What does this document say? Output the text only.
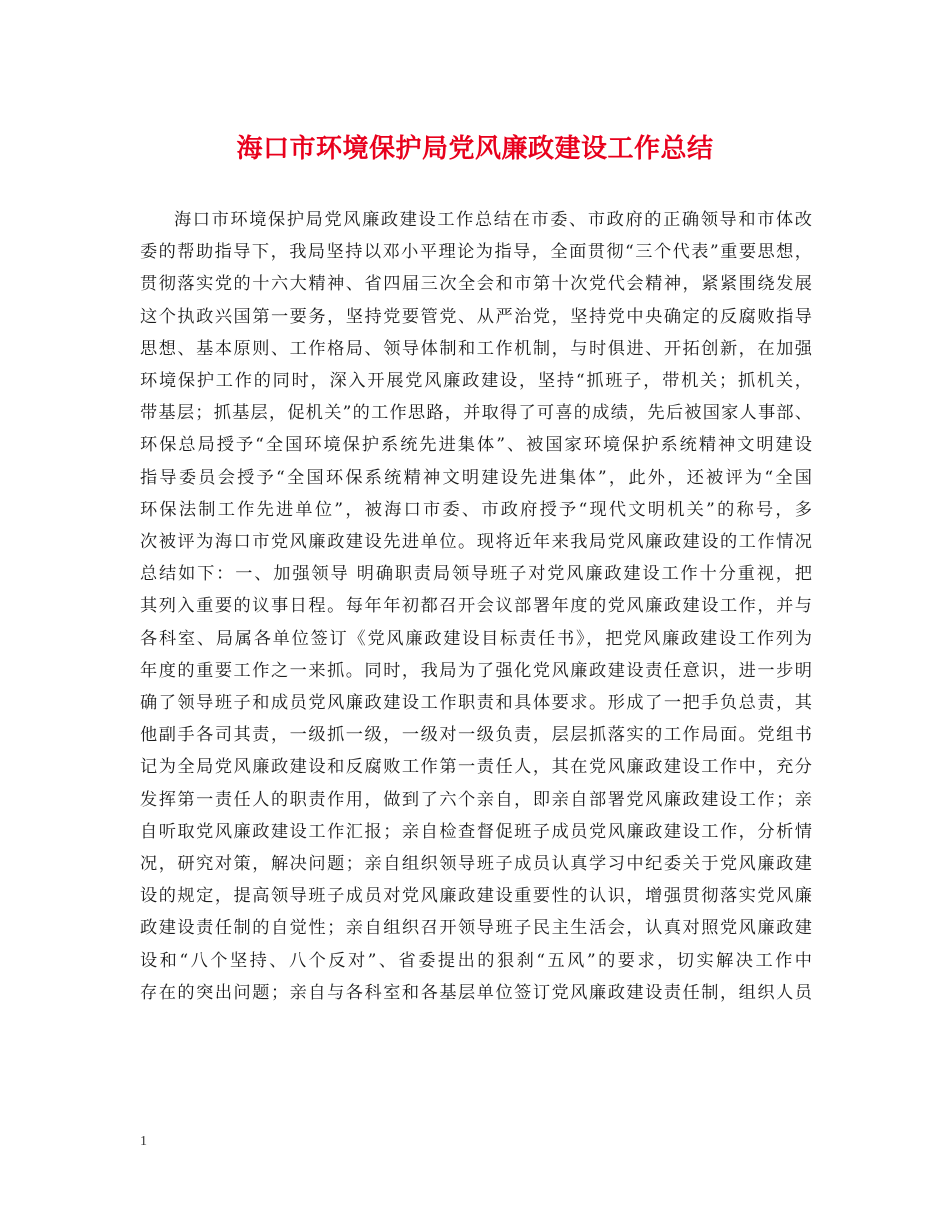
海口市环境保护局党风廉政建设工作总结
海口市环境保护局党风廉政建设工作总结在市委、市政府的正确领导和市体改
委的帮助指导下，我局坚持以邓小平理论为指导，全面贯彻“三个代表”重要思想，
贯彻落实党的十六大精神、省四届三次全会和市第十次党代会精神，紧紧围绕发展
这个执政兴国第一要务，坚持党要管党、从严治党，坚持党中央确定的反腐败指导
思想、基本原则、工作格局、领导体制和工作机制，与时俱进、开拓创新，在加强
环境保护工作的同时，深入开展党风廉政建设，坚持“抓班子，带机关；抓机关，
带基层；抓基层，促机关”的工作思路，并取得了可喜的成绩，先后被国家人事部、
环保总局授予“全国环境保护系统先进集体”、被国家环境保护系统精神文明建设
指导委员会授予“全国环保系统精神文明建设先进集体”，此外，还被评为“全国
环保法制工作先进单位”，被海口市委、市政府授予“现代文明机关”的称号，多
次被评为海口市党风廉政建设先进单位。现将近年来我局党风廉政建设的工作情况
总结如下：一、加强领导 明确职责局领导班子对党风廉政建设工作十分重视，把
其列入重要的议事日程。每年年初都召开会议部署年度的党风廉政建设工作，并与
各科室、局属各单位签订《党风廉政建设目标责任书》，把党风廉政建设工作列为
年度的重要工作之一来抓。同时，我局为了强化党风廉政建设责任意识，进一步明
确了领导班子和成员党风廉政建设工作职责和具体要求。形成了一把手负总责，其
他副手各司其责，一级抓一级，一级对一级负责，层层抓落实的工作局面。党组书
记为全局党风廉政建设和反腐败工作第一责任人，其在党风廉政建设工作中，充分
发挥第一责任人的职责作用，做到了六个亲自，即亲自部署党风廉政建设工作；亲
自听取党风廉政建设工作汇报；亲自检查督促班子成员党风廉政建设工作，分析情
况，研究对策，解决问题；亲自组织领导班子成员认真学习中纪委关于党风廉政建
设的规定，提高领导班子成员对党风廉政建设重要性的认识，增强贯彻落实党风廉
政建设责任制的自觉性；亲自组织召开领导班子民主生活会，认真对照党风廉政建
设和“八个坚持、八个反对”、省委提出的狠刹“五风”的要求，切实解决工作中
存在的突出问题；亲自与各科室和各基层单位签订党风廉政建设责任制，组织人员
1
